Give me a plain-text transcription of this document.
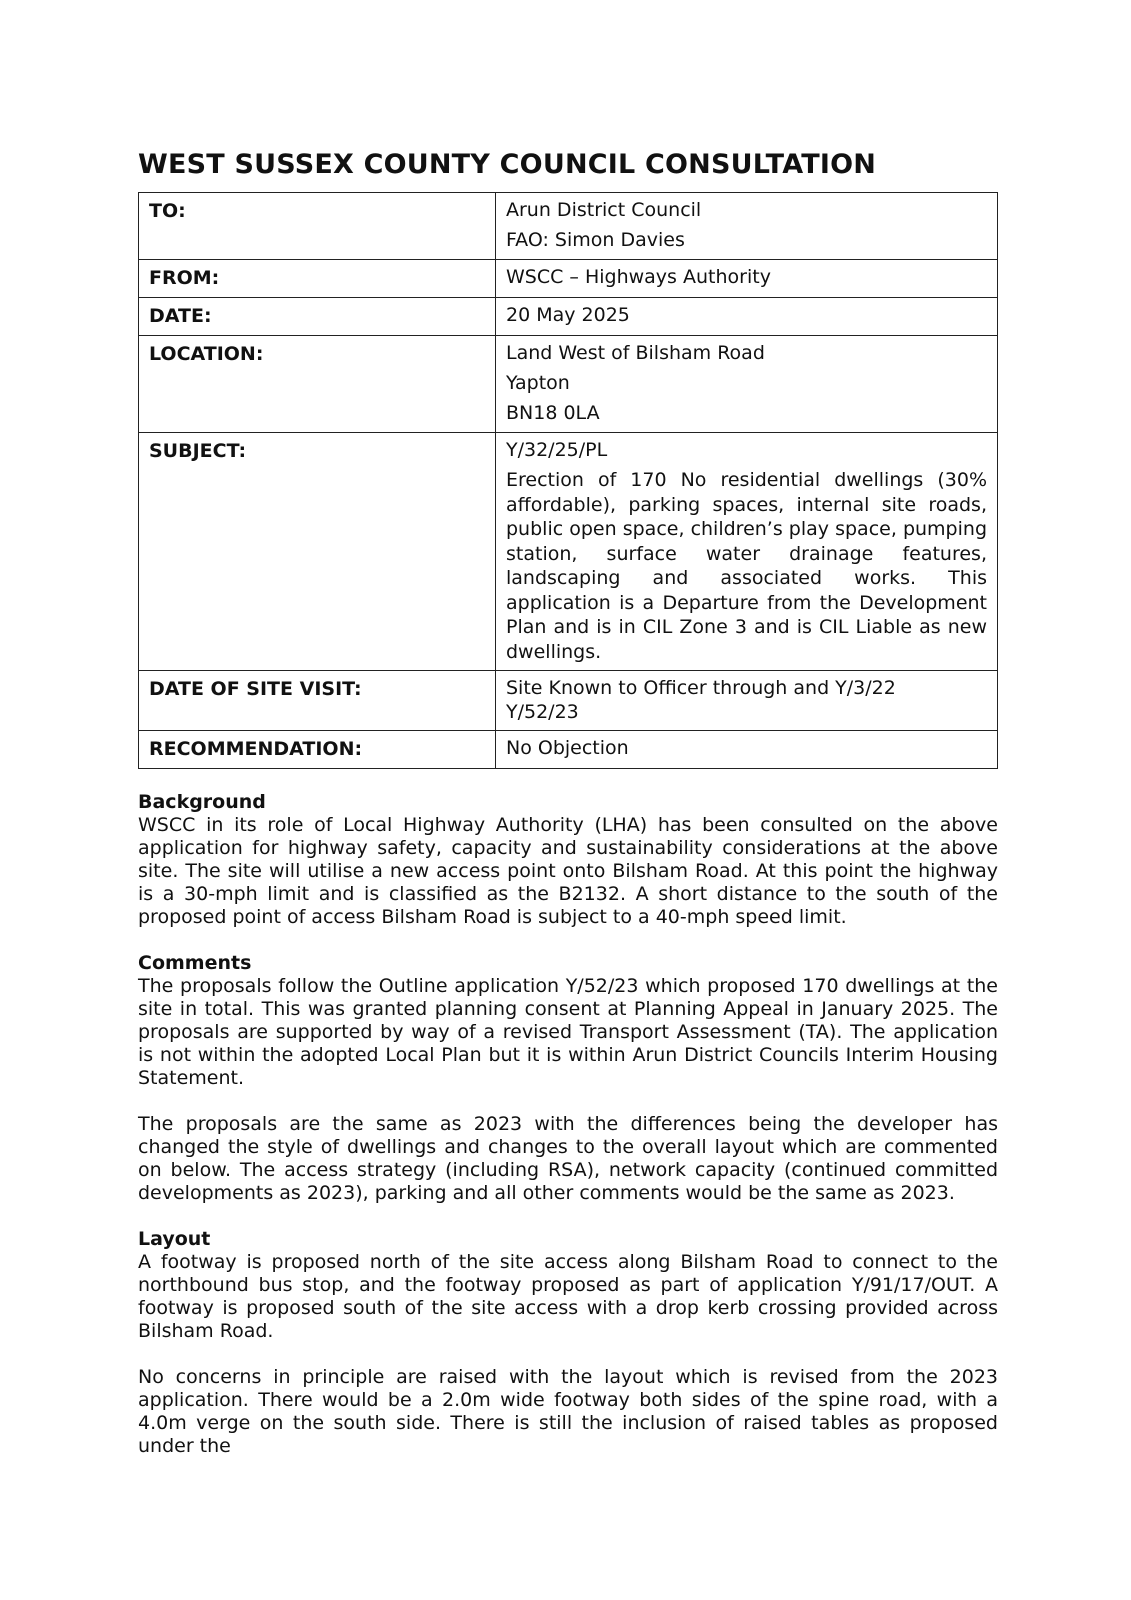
WEST SUSSEX COUNTY COUNCIL CONSULTATION
TO:	Arun District Council
FAO: Simon Davies

FROM:	WSCC – Highways Authority

DATE:	20 May 2025

LOCATION:	Land West of Bilsham Road
Yapton
BN18 0LA

SUBJECT:	Y/32/25/PL
Erection of 170 No residential dwellings (30% affordable), parking spaces, internal site roads, public open space, children’s play space, pumping station, surface water drainage features, landscaping and associated works. This application is a Departure from the Development Plan and is in CIL Zone 3 and is CIL Liable as new dwellings.

DATE OF SITE VISIT:	Site Known to Officer through and Y/3/22 Y/52/23

RECOMMENDATION:	No Objection
Background

WSCC in its role of Local Highway Authority (LHA) has been consulted on the above application for highway safety, capacity and sustainability considerations at the above site. The site will utilise a new access point onto Bilsham Road. At this point the highway is a 30-mph limit and is classified as the B2132. A short distance to the south of the proposed point of access Bilsham Road is subject to a 40-mph speed limit.

Comments

The proposals follow the Outline application Y/52/23 which proposed 170 dwellings at the site in total. This was granted planning consent at Planning Appeal in January 2025. The proposals are supported by way of a revised Transport Assessment (TA). The application is not within the adopted Local Plan but it is within Arun District Councils Interim Housing Statement.

The proposals are the same as 2023 with the differences being the developer has changed the style of dwellings and changes to the overall layout which are commented on below. The access strategy (including RSA), network capacity (continued committed developments as 2023), parking and all other comments would be the same as 2023.

Layout

A footway is proposed north of the site access along Bilsham Road to connect to the northbound bus stop, and the footway proposed as part of application Y/91/17/OUT. A footway is proposed south of the site access with a drop kerb crossing provided across Bilsham Road.

No concerns in principle are raised with the layout which is revised from the 2023 application. There would be a 2.0m wide footway both sides of the spine road, with a 4.0m verge on the south side. There is still the inclusion of raised tables as proposed under the
